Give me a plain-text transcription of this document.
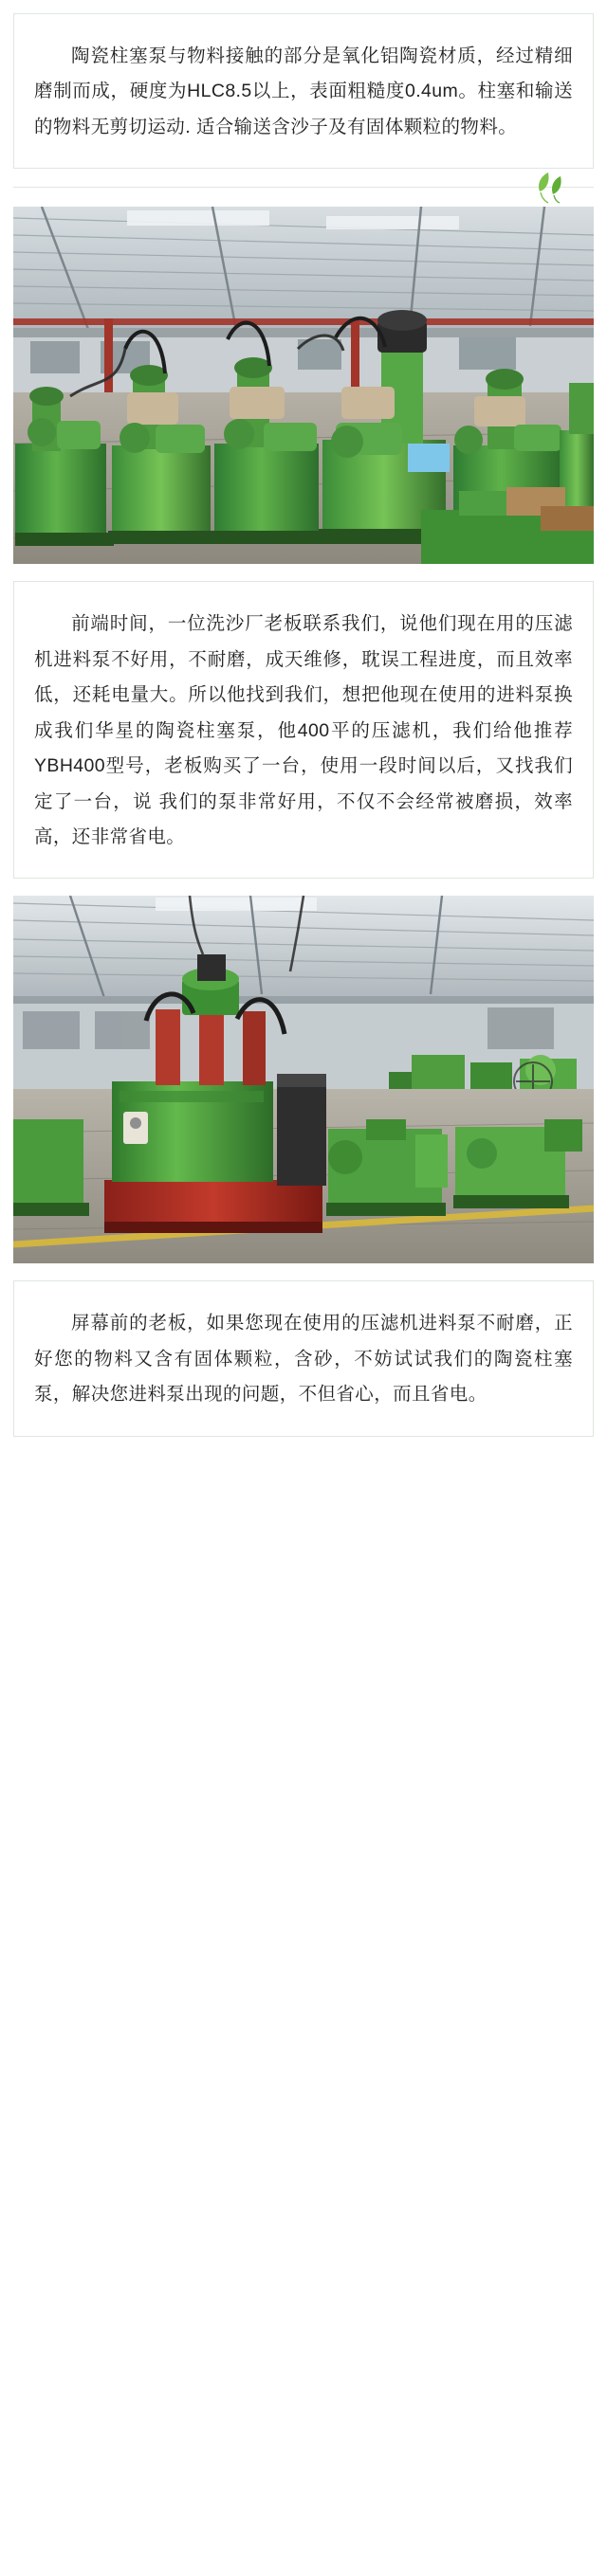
陶瓷柱塞泵与物料接触的部分是氧化铝陶瓷材质，经过精细磨制而成，硬度为HLC8.5以上，表面粗糙度0.4um。柱塞和输送的物料无剪切运动. 适合输送含沙子及有固体颗粒的物料。

前端时间，一位洗沙厂老板联系我们，说他们现在用的压滤机进料泵不好用，不耐磨，成天维修，耽误工程进度，而且效率低，还耗电量大。所以他找到我们，想把他现在使用的进料泵换成我们华星的陶瓷柱塞泵，他400平的压滤机，我们给他推荐YBH400型号，老板购买了一台，使用一段时间以后，又找我们定了一台，说 我们的泵非常好用，不仅不会经常被磨损，效率高，还非常省电。

屏幕前的老板，如果您现在使用的压滤机进料泵不耐磨，正好您的物料又含有固体颗粒，含砂，不妨试试我们的陶瓷柱塞泵，解决您进料泵出现的问题，不但省心，而且省电。
